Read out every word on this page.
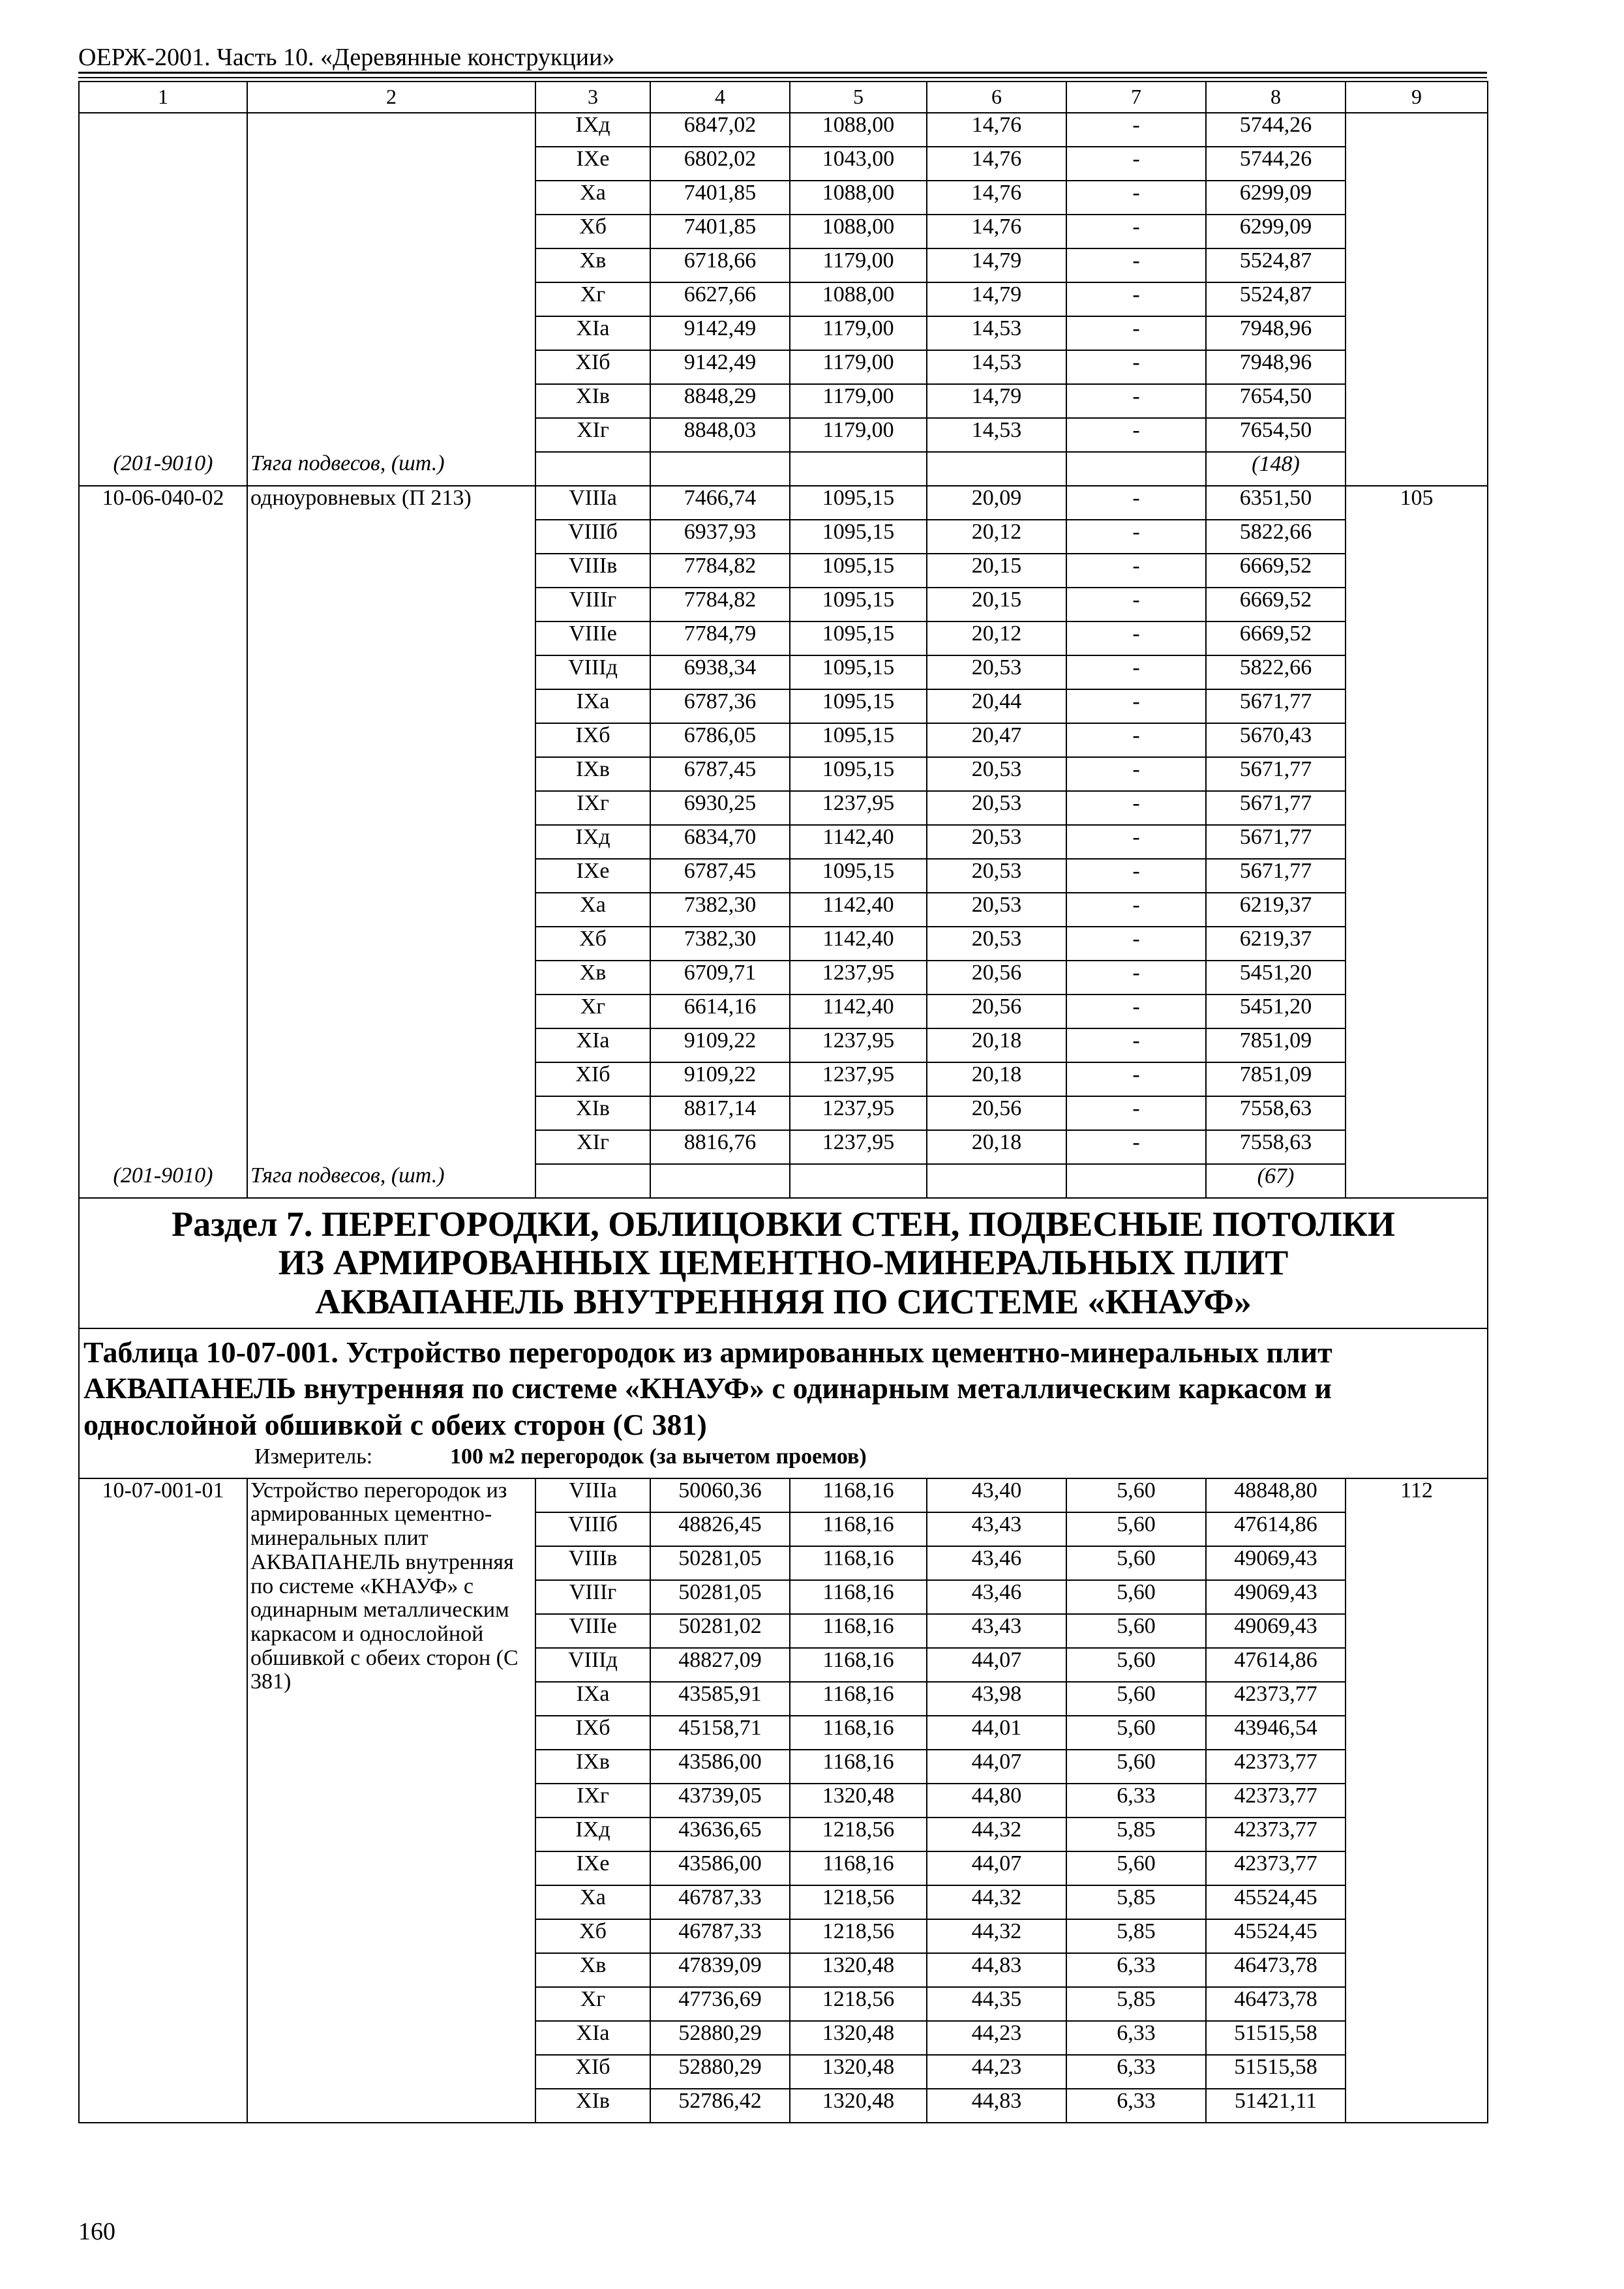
ОЕРЖ-2001. Часть 10. «Деревянные конструкции»
1	2	3	4	5	6	7	8	9
		IXд	6847,02	1088,00	14,76	-	5744,26	
		IXе	6802,02	1043,00	14,76	-	5744,26	
		Xа	7401,85	1088,00	14,76	-	6299,09	
		Xб	7401,85	1088,00	14,76	-	6299,09	
		Xв	6718,66	1179,00	14,79	-	5524,87	
		Xг	6627,66	1088,00	14,79	-	5524,87	
		XIа	9142,49	1179,00	14,53	-	7948,96	
		XIб	9142,49	1179,00	14,53	-	7948,96	
		XIв	8848,29	1179,00	14,79	-	7654,50	
		XIг	8848,03	1179,00	14,53	-	7654,50	
(201-9010)	Тяга подвесов, (шт.)						(148)	
10-06-040-02	одноуровневых (П 213)	VIIIа	7466,74	1095,15	20,09	-	6351,50	105
		VIIIб	6937,93	1095,15	20,12	-	5822,66	
		VIIIв	7784,82	1095,15	20,15	-	6669,52	
		VIIIг	7784,82	1095,15	20,15	-	6669,52	
		VIIIе	7784,79	1095,15	20,12	-	6669,52	
		VIIIд	6938,34	1095,15	20,53	-	5822,66	
		IXа	6787,36	1095,15	20,44	-	5671,77	
		IXб	6786,05	1095,15	20,47	-	5670,43	
		IXв	6787,45	1095,15	20,53	-	5671,77	
		IXг	6930,25	1237,95	20,53	-	5671,77	
		IXд	6834,70	1142,40	20,53	-	5671,77	
		IXе	6787,45	1095,15	20,53	-	5671,77	
		Xа	7382,30	1142,40	20,53	-	6219,37	
		Xб	7382,30	1142,40	20,53	-	6219,37	
		Xв	6709,71	1237,95	20,56	-	5451,20	
		Xг	6614,16	1142,40	20,56	-	5451,20	
		XIа	9109,22	1237,95	20,18	-	7851,09	
		XIб	9109,22	1237,95	20,18	-	7851,09	
		XIв	8817,14	1237,95	20,56	-	7558,63	
		XIг	8816,76	1237,95	20,18	-	7558,63	
(201-9010)	Тяга подвесов, (шт.)						(67)	

Раздел 7. ПЕРЕГОРОДКИ, ОБЛИЦОВКИ СТЕН, ПОДВЕСНЫЕ ПОТОЛКИ
ИЗ АРМИРОВАННЫХ ЦЕМЕНТНО-МИНЕРАЛЬНЫХ ПЛИТ
АКВАПАНЕЛЬ ВНУТРЕННЯЯ ПО СИСТЕМЕ «КНАУФ»								

Таблица 10-07-001. Устройство перегородок из армированных цементно-минеральных плит АКВАПАНЕЛЬ внутренняя по системе «КНАУФ» с одинарным металлическим каркасом и однослойной обшивкой с обеих сторон (С 381)								
Измеритель: 100 м2 перегородок (за вычетом проемов)								
10-07-001-01	Устройство перегородок из армированных цементно-минеральных плит АКВАПАНЕЛЬ внутренняя по системе «КНАУФ» с одинарным металлическим каркасом и однослойной обшивкой с обеих сторон (С 381)	VIIIа	50060,36	1168,16	43,40	5,60	48848,80	112
		VIIIб	48826,45	1168,16	43,43	5,60	47614,86	
		VIIIв	50281,05	1168,16	43,46	5,60	49069,43	
		VIIIг	50281,05	1168,16	43,46	5,60	49069,43	
		VIIIе	50281,02	1168,16	43,43	5,60	49069,43	
		VIIIд	48827,09	1168,16	44,07	5,60	47614,86	
		IXа	43585,91	1168,16	43,98	5,60	42373,77	
		IXб	45158,71	1168,16	44,01	5,60	43946,54	
		IXв	43586,00	1168,16	44,07	5,60	42373,77	
		IXг	43739,05	1320,48	44,80	6,33	42373,77	
		IXд	43636,65	1218,56	44,32	5,85	42373,77	
		IXе	43586,00	1168,16	44,07	5,60	42373,77	
		Xа	46787,33	1218,56	44,32	5,85	45524,45	
		Xб	46787,33	1218,56	44,32	5,85	45524,45	
		Xв	47839,09	1320,48	44,83	6,33	46473,78	
		Xг	47736,69	1218,56	44,35	5,85	46473,78	
		XIа	52880,29	1320,48	44,23	6,33	51515,58	
		XIб	52880,29	1320,48	44,23	6,33	51515,58	
		XIв	52786,42	1320,48	44,83	6,33	51421,11	
160
